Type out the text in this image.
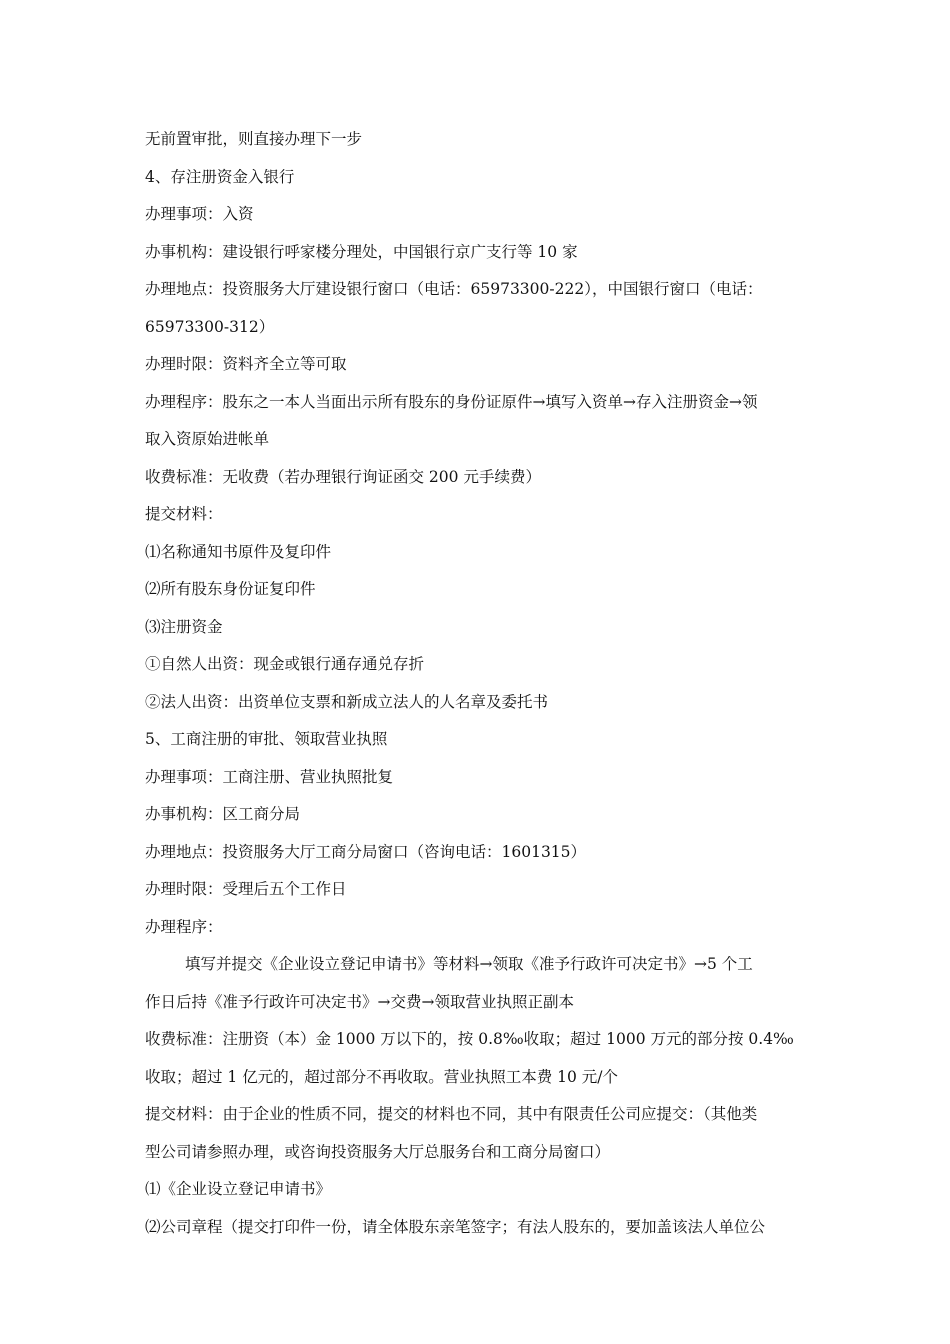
无前置审批，则直接办理下一步
4、存注册资金入银行
办理事项：入资
办事机构：建设银行呼家楼分理处，中国银行京广支行等 10 家
办理地点：投资服务大厅建设银行窗口（电话：65973300-222），中国银行窗口（电话：
65973300-312）
办理时限：资料齐全立等可取
办理程序：股东之一本人当面出示所有股东的身份证原件→填写入资单→存入注册资金→领
取入资原始进帐单
收费标准：无收费（若办理银行询证函交 200 元手续费）
提交材料：
⑴名称通知书原件及复印件
⑵所有股东身份证复印件
⑶注册资金
①自然人出资：现金或银行通存通兑存折
②法人出资：出资单位支票和新成立法人的人名章及委托书
5、工商注册的审批、领取营业执照
办理事项：工商注册、营业执照批复
办事机构：区工商分局
办理地点：投资服务大厅工商分局窗口（咨询电话：1601315）
办理时限：受理后五个工作日
办理程序：
填写并提交《企业设立登记申请书》等材料→领取《准予行政许可决定书》→5 个工
作日后持《准予行政许可决定书》→交费→领取营业执照正副本
收费标准：注册资（本）金 1000 万以下的，按 0.8‰收取；超过 1000 万元的部分按 0.4‰
收取；超过 1 亿元的，超过部分不再收取。营业执照工本费 10 元/个
提交材料：由于企业的性质不同，提交的材料也不同，其中有限责任公司应提交：（其他类
型公司请参照办理，或咨询投资服务大厅总服务台和工商分局窗口）
⑴《企业设立登记申请书》
⑵公司章程（提交打印件一份，请全体股东亲笔签字；有法人股东的，要加盖该法人单位公
